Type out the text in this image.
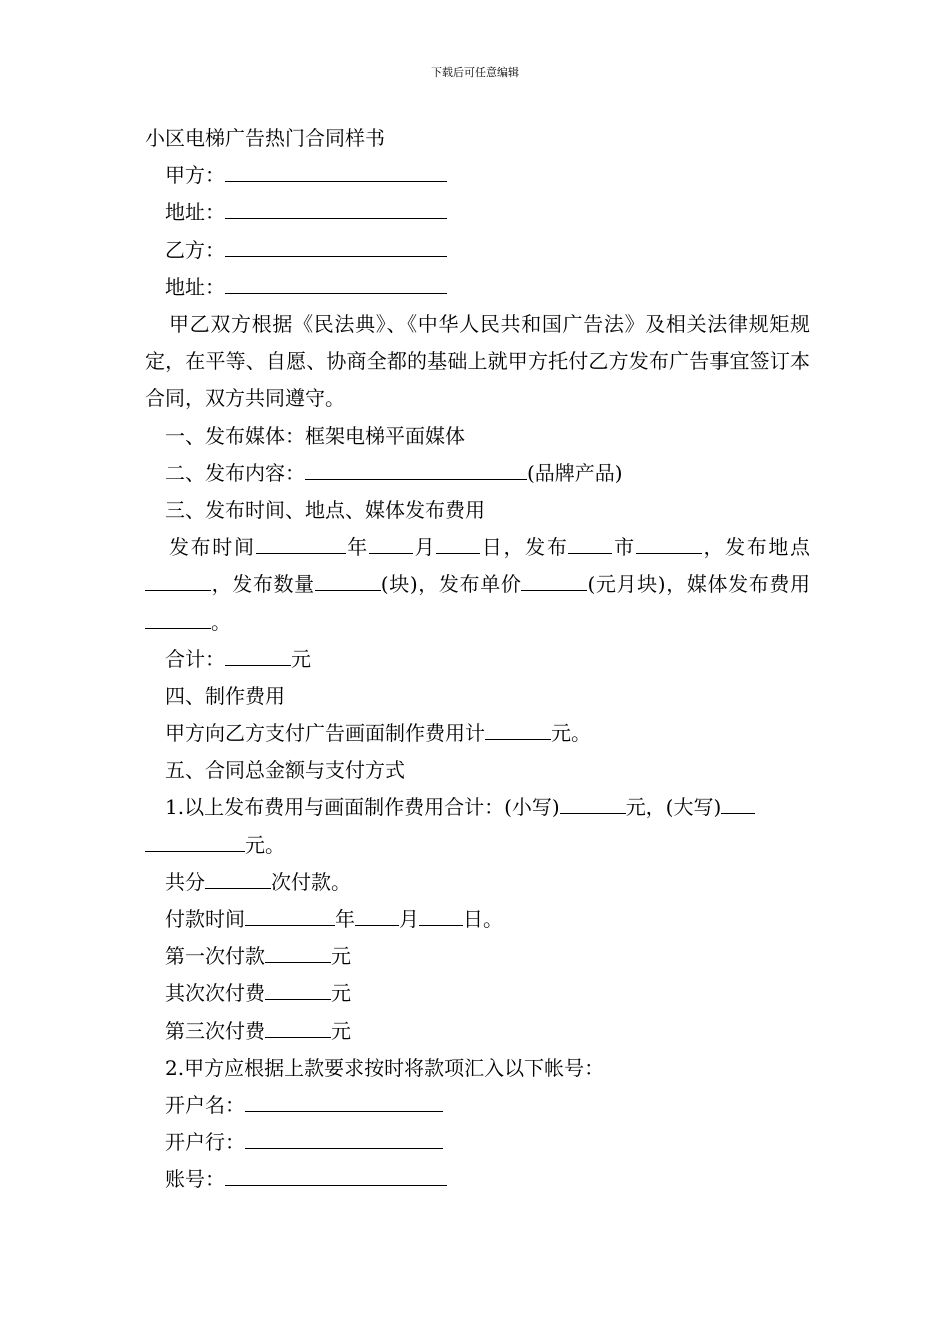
下载后可任意编辑
小区电梯广告热门合同样书
甲方：
地址：
乙方：
地址：
甲乙双方根据《民法典》、《中华人民共和国广告法》及相关法律规矩规定，在平等、自愿、协商全都的基础上就甲方托付乙方发布广告事宜签订本合同，双方共同遵守。
一、发布媒体：框架电梯平面媒体
二、发布内容：	(品牌产品)
三、发布时间、地点、媒体发布费用
发布时间	年 月 日，发布 市	，发布地点，发布数量	(块)，发布单价	(元月块)，媒体发布费用。
合计：	元
四、制作费用
甲方向乙方支付广告画面制作费用计	元。
五、合同总金额与支付方式
1.以上发布费用与画面制作费用合计：(小写)	元，(大写)
元。
共分	次付款。
付款时间	年 月 日。
第一次付款	元
其次次付费	元
第三次付费	元
2.甲方应根据上款要求按时将款项汇入以下帐号：
开户名：
开户行：
账号：
